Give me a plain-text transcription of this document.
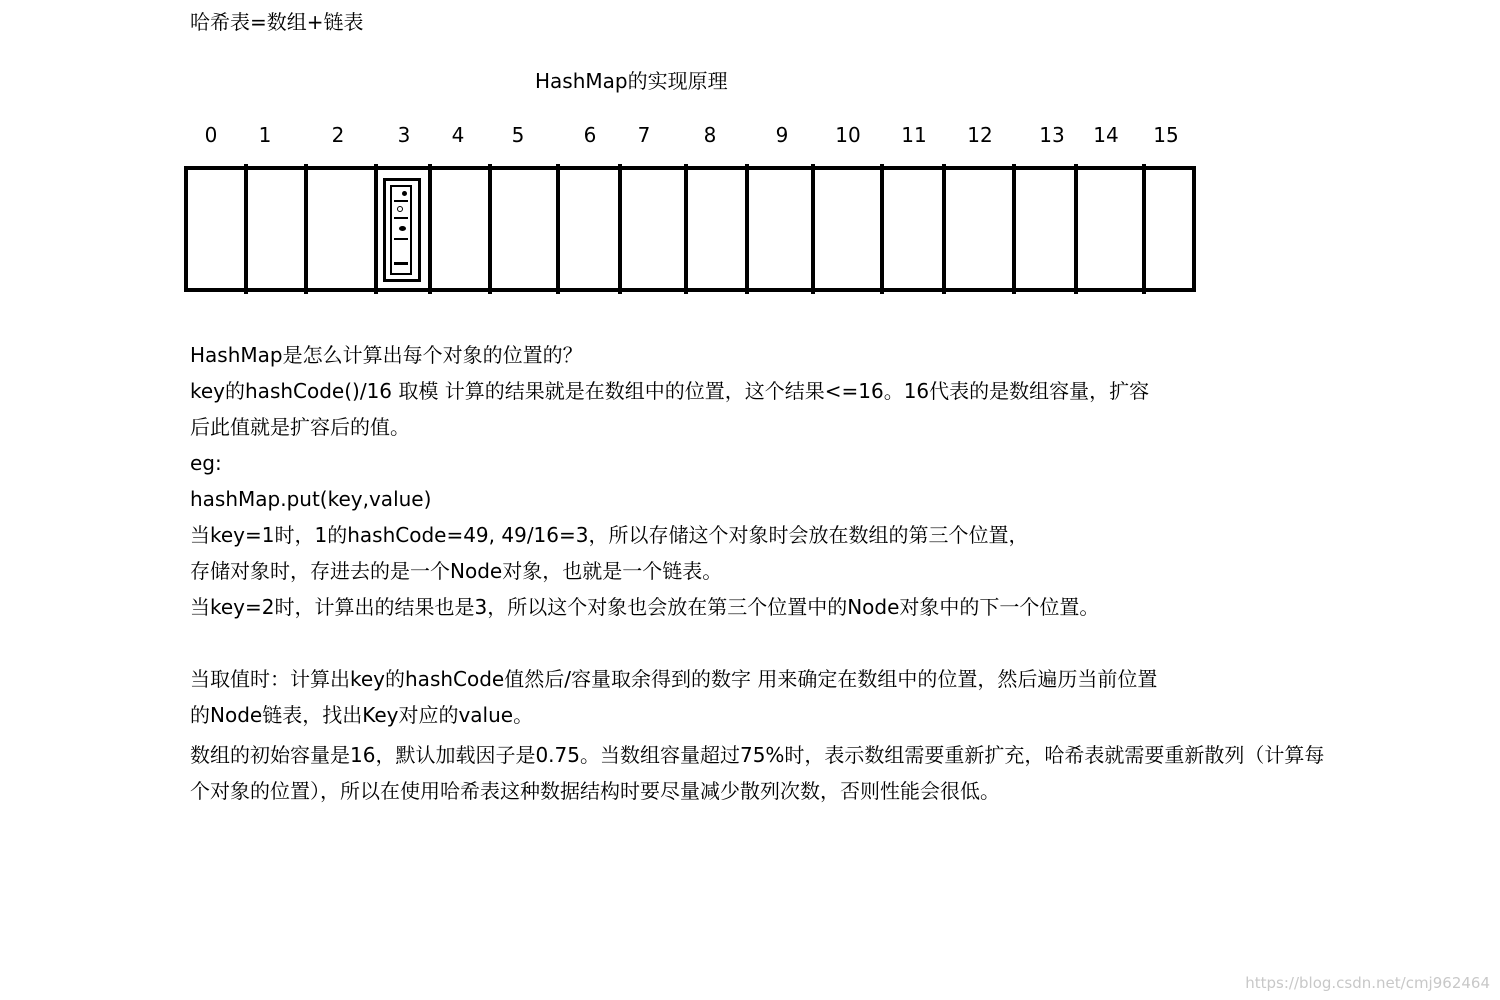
哈希表=数组+链表
HashMap的实现原理
0	1	2	3	4	5	6	7	8	9	10	11	12	13	14	15
HashMap是怎么计算出每个对象的位置的？
key的hashCode()/16 取模 计算的结果就是在数组中的位置，这个结果<=16。16代表的是数组容量，扩容
后此值就是扩容后的值。
eg:
hashMap.put(key,value)
当key=1时，1的hashCode=49, 49/16=3，所以存储这个对象时会放在数组的第三个位置，
存储对象时，存进去的是一个Node对象，也就是一个链表。
当key=2时，计算出的结果也是3，所以这个对象也会放在第三个位置中的Node对象中的下一个位置。
当取值时：计算出key的hashCode值然后/容量取余得到的数字 用来确定在数组中的位置，然后遍历当前位置
的Node链表，找出Key对应的value。
数组的初始容量是16，默认加载因子是0.75。当数组容量超过75%时，表示数组需要重新扩充，哈希表就需要重新散列（计算每
个对象的位置），所以在使用哈希表这种数据结构时要尽量减少散列次数，否则性能会很低。
https://blog.csdn.net/cmj962464
